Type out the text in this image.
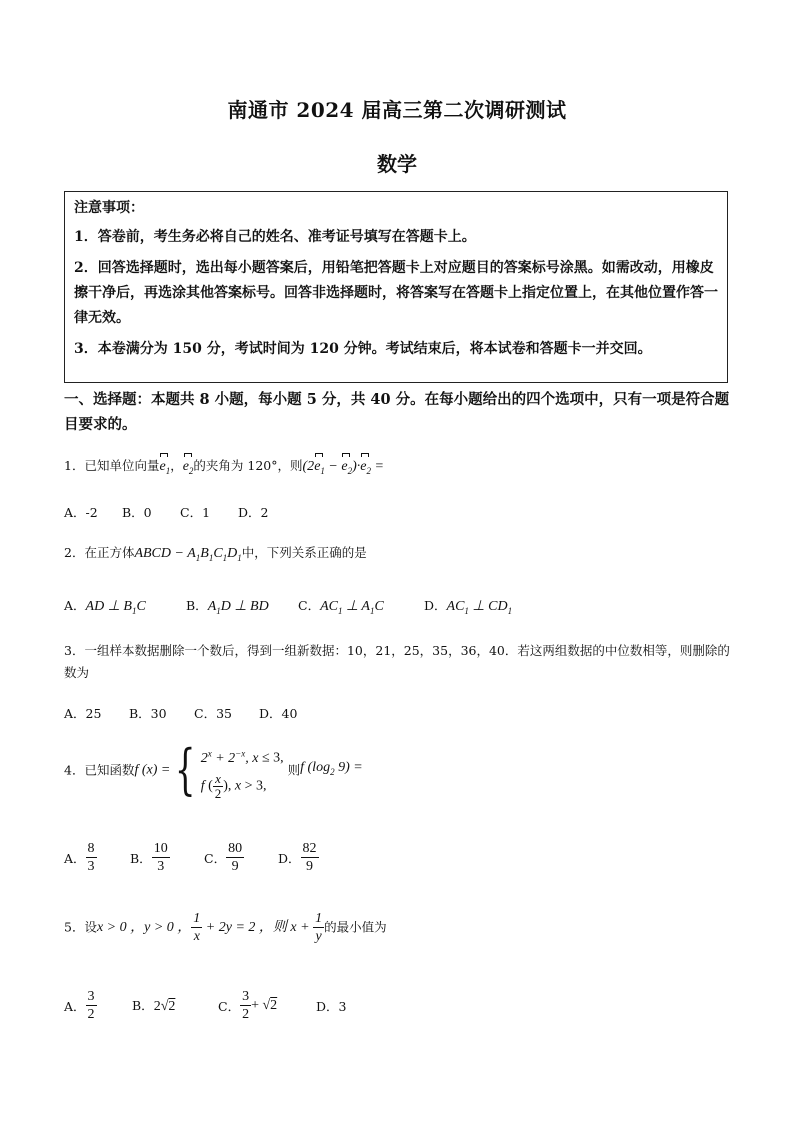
南通市 2024 届高三第二次调研测试
数学

注意事项：

1．答卷前，考生务必将自己的姓名、准考证号填写在答题卡上。

2．回答选择题时，选出每小题答案后，用铅笔把答题卡上对应题目的答案标号涂黑。如需改动，用橡皮擦干净后，再选涂其他答案标号。回答非选择题时，将答案写在答题卡上指定位置上，在其他位置作答一律无效。

3．本卷满分为 150 分，考试时间为 120 分钟。考试结束后，将本试卷和答题卡一并交回。

一、选择题：本题共 8 小题，每小题 5 分，共 40 分。在每小题给出的四个选项中，只有一项是符合题目要求的。
1．已知单位向量$e_1$，$e_2$的夹角为 120°，则$(2e_1 - e_2)\cdot e_2$ =
A．-2 B．0 C．1 D．2
2．在正方体ABCD − $A_1B_1C_1D_1$中，下列关系正确的是
A．AD ⊥ $B_1C$	B．$A_1D$ ⊥ BD C．$AC_1$ ⊥ $A_1C$	D．$AC_1$ ⊥ $CD_1$
3．一组样本数据删除一个数后，得到一组新数据：10，21，25，35，36，40．若这两组数据的中位数相等，则删除的数为
A．25 B．30 C．35 D．40
4．已知函数f (x) ={ $2^x + 2^{-x}$, x ≤ 3,
f ( $\frac{x}{2}$ ), x > 3,
则f ($\log_2$ 9) =
A． $\frac{8}{3}$	B． $\frac{10}{3}$	C． $\frac{80}{9}$	D． $\frac{82}{9}$
5．设x > 0 ，y > 0 ， $\frac{1}{x} + 2y = 2$ ，则 $x + \frac{1}{y}$ 的最小值为
A． $\frac{3}{2}$	B．2√2	C． $\frac{3}{2} + √2$	D．3
